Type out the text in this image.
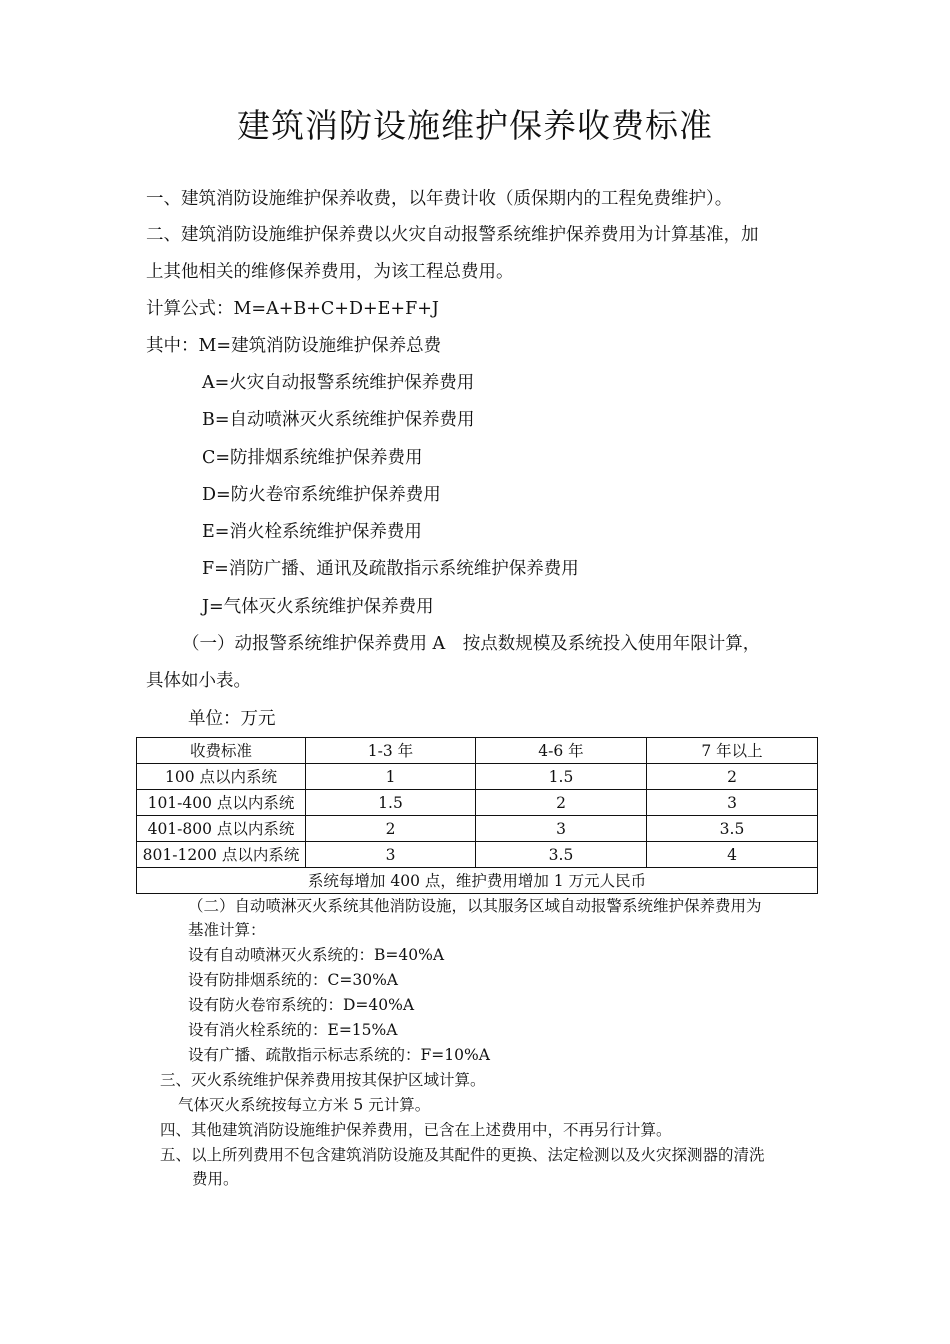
建筑消防设施维护保养收费标准
一、建筑消防设施维护保养收费，以年费计收（质保期内的工程免费维护）。
二、建筑消防设施维护保养费以火灾自动报警系统维护保养费用为计算基准，加
上其他相关的维修保养费用，为该工程总费用。
计算公式：M=A+B+C+D+E+F+J
其中：M=建筑消防设施维护保养总费
A=火灾自动报警系统维护保养费用
B=自动喷淋灭火系统维护保养费用
C=防排烟系统维护保养费用
D=防火卷帘系统维护保养费用
E=消火栓系统维护保养费用
F=消防广播、通讯及疏散指示系统维护保养费用
J=气体灭火系统维护保养费用
（一）动报警系统维护保养费用 A　按点数规模及系统投入使用年限计算，
具体如小表。
单位：万元
收费标准	1-3 年	4-6 年	7 年以上
100 点以内系统	1	1.5	2
101-400 点以内系统	1.5	2	3
401-800 点以内系统	2	3	3.5
801-1200 点以内系统	3	3.5	4
系统每增加 400 点，维护费用增加 1 万元人民币			
（二）自动喷淋灭火系统其他消防设施，以其服务区域自动报警系统维护保养费用为
基准计算：
设有自动喷淋灭火系统的：B=40%A
设有防排烟系统的：C=30%A
设有防火卷帘系统的：D=40%A
设有消火栓系统的：E=15%A
设有广播、疏散指示标志系统的：F=10%A
三、灭火系统维护保养费用按其保护区域计算。
气体灭火系统按每立方米 5 元计算。
四、其他建筑消防设施维护保养费用，已含在上述费用中，不再另行计算。
五、以上所列费用不包含建筑消防设施及其配件的更换、法定检测以及火灾探测器的清洗
费用。
